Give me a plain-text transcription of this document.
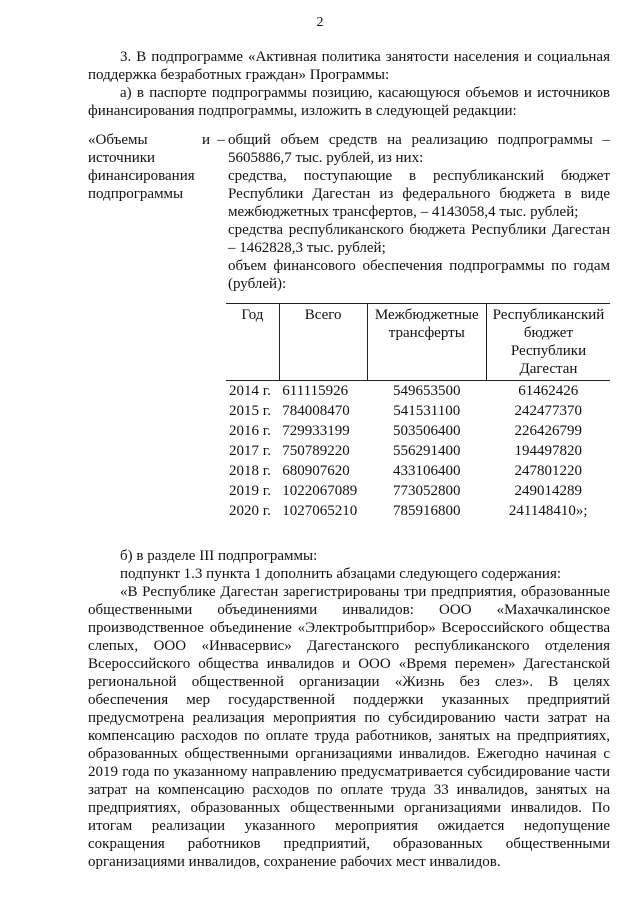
2

3. В подпрограмме «Активная политика занятости населения и социальная поддержка безработных граждан» Программы:

а) в паспорте подпрограммы позицию, касающуюся объемов и источников финансирования подпрограммы, изложить в следующей редакции:

«Объемы и источники финансирования подпрограммы
– общий объем средств на реализацию подпрограммы – 5605886,7 тыс. рублей, из них:

средства, поступающие в республиканский бюджет Республики Дагестан из федерального бюджета в виде межбюджетных трансфертов, – 4143058,4 тыс. рублей;

средства республиканского бюджета Республики Дагестан – 1462828,3 тыс. рублей;

объем финансового обеспечения подпрограммы по годам (рублей):

Год	Всего	Межбюджетные трансферты	Республиканский бюджет Республики Дагестан
2014 г.	611115926	549653500	61462426
2015 г.	784008470	541531100	242477370
2016 г.	729933199	503506400	226426799
2017 г.	750789220	556291400	194497820
2018 г.	680907620	433106400	247801220
2019 г.	1022067089	773052800	249014289
2020 г.	1027065210	785916800	241148410»;

б) в разделе III подпрограммы:

подпункт 1.3 пункта 1 дополнить абзацами следующего содержания:

«В Республике Дагестан зарегистрированы три предприятия, образованные общественными объединениями инвалидов: ООО «Махачкалинское производственное объединение «Электробытприбор» Всероссийского общества слепых, ООО «Инвасервис» Дагестанского республиканского отделения Всероссийского общества инвалидов и ООО «Время перемен» Дагестанской региональной общественной организации «Жизнь без слез». В целях обеспечения мер государственной поддержки указанных предприятий предусмотрена реализация мероприятия по субсидированию части затрат на компенсацию расходов по оплате труда работников, занятых на предприятиях, образованных общественными организациями инвалидов. Ежегодно начиная с 2019 года по указанному направлению предусматривается субсидирование части затрат на компенсацию расходов по оплате труда 33 инвалидов, занятых на предприятиях, образованных общественными организациями инвалидов. По итогам реализации указанного мероприятия ожидается недопущение сокращения работников предприятий, образованных общественными организациями инвалидов, сохранение рабочих мест инвалидов.
